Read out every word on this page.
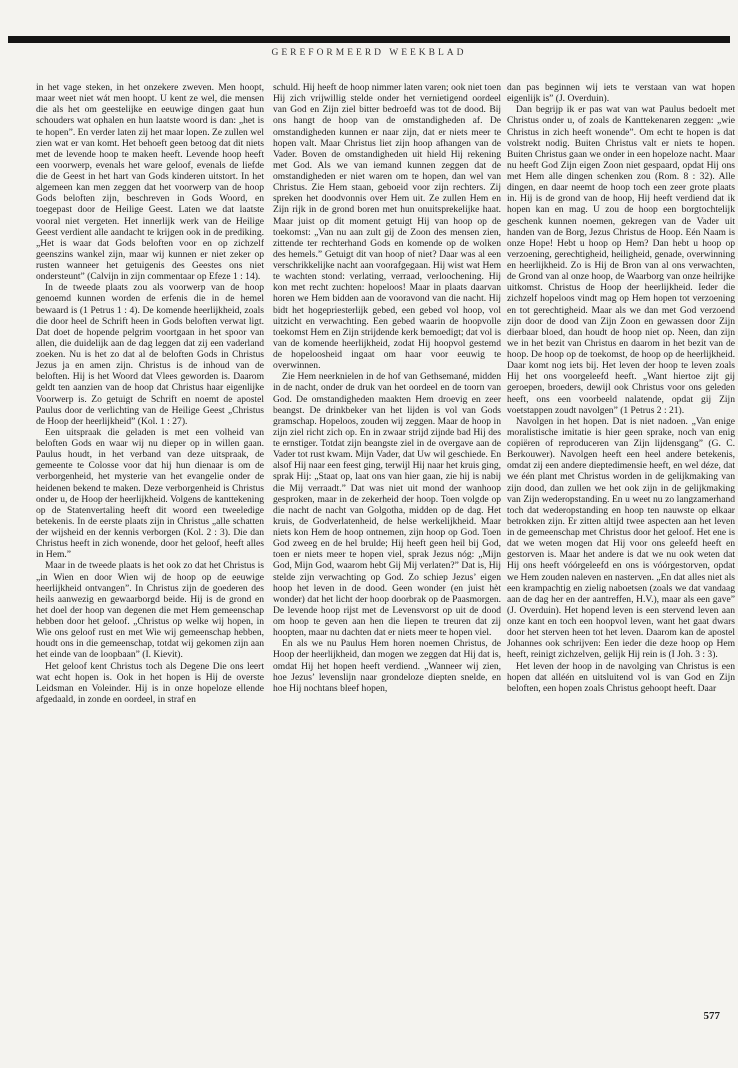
GEREFORMEERD WEEKBLAD

in het vage steken, in het onzekere zweven. Men hoopt, maar weet niet wát men hoopt. U kent ze wel, die mensen die als het om geestelijke en eeuwige dingen gaat hun schouders wat ophalen en hun laatste woord is dan: „het is te hopen”. En verder laten zij het maar lopen. Ze zullen wel zien wat er van komt. Het behoeft geen betoog dat dit niets met de levende hoop te maken heeft. Levende hoop heeft een voorwerp, evenals het ware geloof, evenals de liefde die de Geest in het hart van Gods kinderen uitstort. In het algemeen kan men zeggen dat het voorwerp van de hoop Gods beloften zijn, beschreven in Gods Woord, en toegepast door de Heilige Geest. Laten we dat laatste vooral niet vergeten. Het innerlijk werk van de Heilige Geest verdient alle aandacht te krijgen ook in de prediking. „Het is waar dat Gods beloften voor en op zichzelf geenszins wankel zijn, maar wij kunnen er niet zeker op rusten wanneer het getuigenis des Geestes ons niet ondersteunt” (Calvijn in zijn commentaar op Efeze 1 : 14).

In de tweede plaats zou als voorwerp van de hoop genoemd kunnen worden de erfenis die in de hemel bewaard is (1 Petrus 1 : 4). De komende heerlijkheid, zoals die door heel de Schrift heen in Gods beloften verwat ligt. Dat doet de hopende pelgrim voortgaan in het spoor van allen, die duidelijk aan de dag leggen dat zij een vaderland zoeken. Nu is het zo dat al de beloften Gods in Christus Jezus ja en amen zijn. Christus is de inhoud van de beloften. Hij is het Woord dat Vlees geworden is. Daarom geldt ten aanzien van de hoop dat Christus haar eigenlijke Voorwerp is. Zo getuigt de Schrift en noemt de apostel Paulus door de verlichting van de Heilige Geest „Christus de Hoop der heerlijkheid” (Kol. 1 : 27).

Een uitspraak die geladen is met een volheid van beloften Gods en waar wij nu dieper op in willen gaan. Paulus houdt, in het verband van deze uitspraak, de gemeente te Colosse voor dat hij hun dienaar is om de verborgenheid, het mysterie van het evangelie onder de heidenen bekend te maken. Deze verborgenheid is Christus onder u, de Hoop der heerlijkheid. Volgens de kanttekening op de Statenvertaling heeft dit woord een tweeledige betekenis. In de eerste plaats zijn in Christus „alle schatten der wijsheid en der kennis verborgen (Kol. 2 : 3). Die dan Christus heeft in zich wonende, door het geloof, heeft alles in Hem.”

Maar in de tweede plaats is het ook zo dat het Christus is „in Wien en door Wien wij de hoop op de eeuwige heerlijkheid ontvangen”. In Christus zijn de goederen des heils aanwezig en gewaarborgd beide. Hij is de grond en het doel der hoop van degenen die met Hem gemeenschap hebben door het geloof. „Christus op welke wij hopen, in Wie ons geloof rust en met Wie wij gemeenschap hebben, houdt ons in die gemeenschap, totdat wij gekomen zijn aan het einde van de loopbaan” (I. Kievit).

Het geloof kent Christus toch als Degene Die ons leert wat echt hopen is. Ook in het hopen is Hij de overste Leidsman en Voleinder. Hij is in onze hopeloze ellende afgedaald, in zonde en oordeel, in straf en

schuld. Hij heeft de hoop nimmer laten varen; ook niet toen Hij zich vrijwillig stelde onder het vernietigend oordeel van God en Zijn ziel bitter bedroefd was tot de dood. Bij ons hangt de hoop van de omstandigheden af. De omstandigheden kunnen er naar zijn, dat er niets meer te hopen valt. Maar Christus liet zijn hoop afhangen van de Vader. Boven de omstandigheden uit hield Hij rekening met God. Als we van iemand kunnen zeggen dat de omstandigheden er niet waren om te hopen, dan wel van Christus. Zie Hem staan, geboeid voor zijn rechters. Zij spreken het doodvonnis over Hem uit. Ze zullen Hem en Zijn rijk in de grond boren met hun onuitsprekelijke haat. Maar juist op dit moment getuigt Hij van hoop op de toekomst: „Van nu aan zult gij de Zoon des mensen zien, zittende ter rechterhand Gods en komende op de wolken des hemels.” Getuigt dit van hoop of niet? Daar was al een verschrikkelijke nacht aan voorafgegaan. Hij wist wat Hem te wachten stond: verlating, verraad, verloochening. Hij kon met recht zuchten: hopeloos! Maar in plaats daarvan horen we Hem bidden aan de vooravond van die nacht. Hij bidt het hogepriesterlijk gebed, een gebed vol hoop, vol uitzicht en verwachting. Een gebed waarin de hoopvolle toekomst Hem en Zijn strijdende kerk bemoedigt; dat vol is van de komende heerlijkheid, zodat Hij hoopvol gestemd de hopeloosheid ingaat om haar voor eeuwig te overwinnen.

Zie Hem neerknielen in de hof van Gethsemané, midden in de nacht, onder de druk van het oordeel en de toorn van God. De omstandigheden maakten Hem droevig en zeer beangst. De drinkbeker van het lijden is vol van Gods gramschap. Hopeloos, zouden wij zeggen. Maar de hoop in zijn ziel richt zich op. En in zwaar strijd zijnde bad Hij des te ernstiger. Totdat zijn beangste ziel in de overgave aan de Vader tot rust kwam. Mijn Vader, dat Uw wil geschiede. En alsof Hij naar een feest ging, terwijl Hij naar het kruis ging, sprak Hij: „Staat op, laat ons van hier gaan, zie hij is nabij die Mij verraadt.” Dat was niet uit mond der wanhoop gesproken, maar in de zekerheid der hoop. Toen volgde op die nacht de nacht van Golgotha, midden op de dag. Het kruis, de Godverlatenheid, de helse werkelijkheid. Maar niets kon Hem de hoop ontnemen, zijn hoop op God. Toen God zweeg en de hel brulde; Hij heeft geen heil bij God, toen er niets meer te hopen viel, sprak Jezus nóg: „Mijn God, Mijn God, waarom hebt Gij Mij verlaten?” Dat is, Hij stelde zijn verwachting op God. Zo schiep Jezus’ eigen hoop het leven in de dood. Geen wonder (en juist hèt wonder) dat het licht der hoop doorbrak op de Paasmorgen. De levende hoop rijst met de Levensvorst op uit de dood om hoop te geven aan hen die liepen te treuren dat zij hoopten, maar nu dachten dat er niets meer te hopen viel.

En als we nu Paulus Hem horen noemen Christus, de Hoop der heerlijkheid, dan mogen we zeggen dat Hij dat is, omdat Hij het hopen heeft verdiend. „Wanneer wij zien, hoe Jezus’ levenslijn naar grondeloze diepten snelde, en hoe Hij nochtans bleef hopen,

dan pas beginnen wij iets te verstaan van wat hopen eigenlijk is” (J. Overduin).

Dan begrijp ik er pas wat van wat Paulus bedoelt met Christus onder u, of zoals de Kanttekenaren zeggen: „wie Christus in zich heeft wonende”. Om echt te hopen is dat volstrekt nodig. Buiten Christus valt er niets te hopen. Buiten Christus gaan we onder in een hopeloze nacht. Maar nu heeft God Zijn eigen Zoon niet gespaard, opdat Hij ons met Hem alle dingen schenken zou (Rom. 8 : 32). Alle dingen, en daar neemt de hoop toch een zeer grote plaats in. Hij is de grond van de hoop, Hij heeft verdiend dat ik hopen kan en mag. U zou de hoop een borgtochtelijk geschenk kunnen noemen, gekregen van de Vader uit handen van de Borg, Jezus Christus de Hoop. Eén Naam is onze Hope! Hebt u hoop op Hem? Dan hebt u hoop op verzoening, gerechtigheid, heiligheid, genade, overwinning en heerlijkheid. Zo is Hij de Bron van al ons verwachten, de Grond van al onze hoop, de Waarborg van onze heilrijke uitkomst. Christus de Hoop der heerlijkheid. Ieder die zichzelf hopeloos vindt mag op Hem hopen tot verzoening en tot gerechtigheid. Maar als we dan met God verzoend zijn door de dood van Zijn Zoon en gewassen door Zijn dierbaar bloed, dan houdt de hoop niet op. Neen, dan zijn we in het bezit van Christus en daarom in het bezit van de hoop. De hoop op de toekomst, de hoop op de heerlijkheid. Daar komt nog iets bij. Het leven der hoop te leven zoals Hij het ons voorgeleefd heeft. „Want hiertoe zijt gij geroepen, broeders, dewijl ook Christus voor ons geleden heeft, ons een voorbeeld nalatende, opdat gij Zijn voetstappen zoudt navolgen” (1 Petrus 2 : 21).

Navolgen in het hopen. Dat is niet nadoen. „Van enige moralistische imitatie is hier geen sprake, noch van enig copiëren of reproduceren van Zijn lijdensgang” (G. C. Berkouwer). Navolgen heeft een heel andere betekenis, omdat zij een andere dieptedimensie heeft, en wel déze, dat we één plant met Christus worden in de gelijkmaking van zijn dood, dan zullen we het ook zijn in de gelijkmaking van Zijn wederopstanding. En u weet nu zo langzamerhand toch dat wederopstanding en hoop ten nauwste op elkaar betrokken zijn. Er zitten altijd twee aspecten aan het leven in de gemeenschap met Christus door het geloof. Het ene is dat we weten mogen dat Hij voor ons geleefd heeft en gestorven is. Maar het andere is dat we nu ook weten dat Hij ons heeft vóórgeleefd en ons is vóórgestorven, opdat we Hem zouden naleven en nasterven. „En dat alles niet als een krampachtig en zielig naboetsen (zoals we dat vandaag aan de dag her en der aantreffen, H.V.), maar als een gave” (J. Overduin). Het hopend leven is een stervend leven aan onze kant en toch een hoopvol leven, want het gaat dwars door het sterven heen tot het leven. Daarom kan de apostel Johannes ook schrijven: Een ieder die deze hoop op Hem heeft, reinigt zichzelven, gelijk Hij rein is (I Joh. 3 : 3).

Het leven der hoop in de navolging van Christus is een hopen dat alléén en uitsluitend vol is van God en Zijn beloften, een hopen zoals Christus gehoopt heeft. Daar

577
